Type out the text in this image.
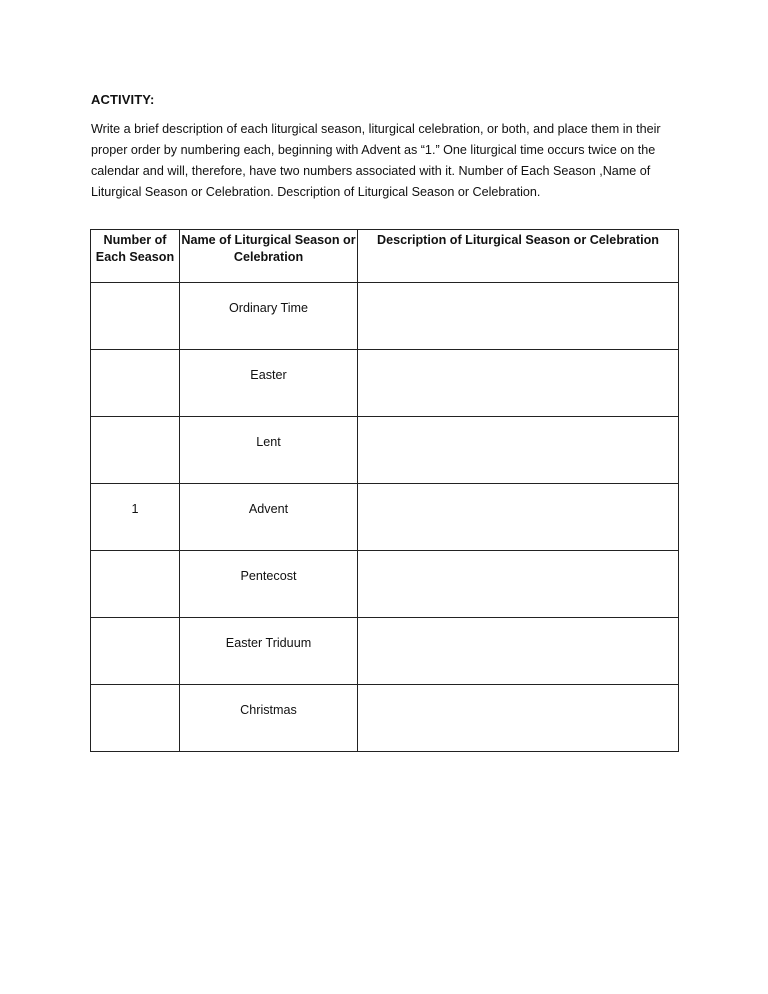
ACTIVITY:

Write a brief description of each liturgical season, liturgical celebration, or both, and place them in their proper order by numbering each, beginning with Advent as “1.” One liturgical time occurs twice on the calendar and will, therefore, have two numbers associated with it. Number of Each Season ,Name of Liturgical Season or Celebration. Description of Liturgical Season or Celebration.

Number of Each Season	Name of Liturgical Season or Celebration	Description of Liturgical Season or Celebration
	Ordinary Time	
	Easter	
	Lent	
1	Advent	
	Pentecost	
	Easter Triduum	
	Christmas	
